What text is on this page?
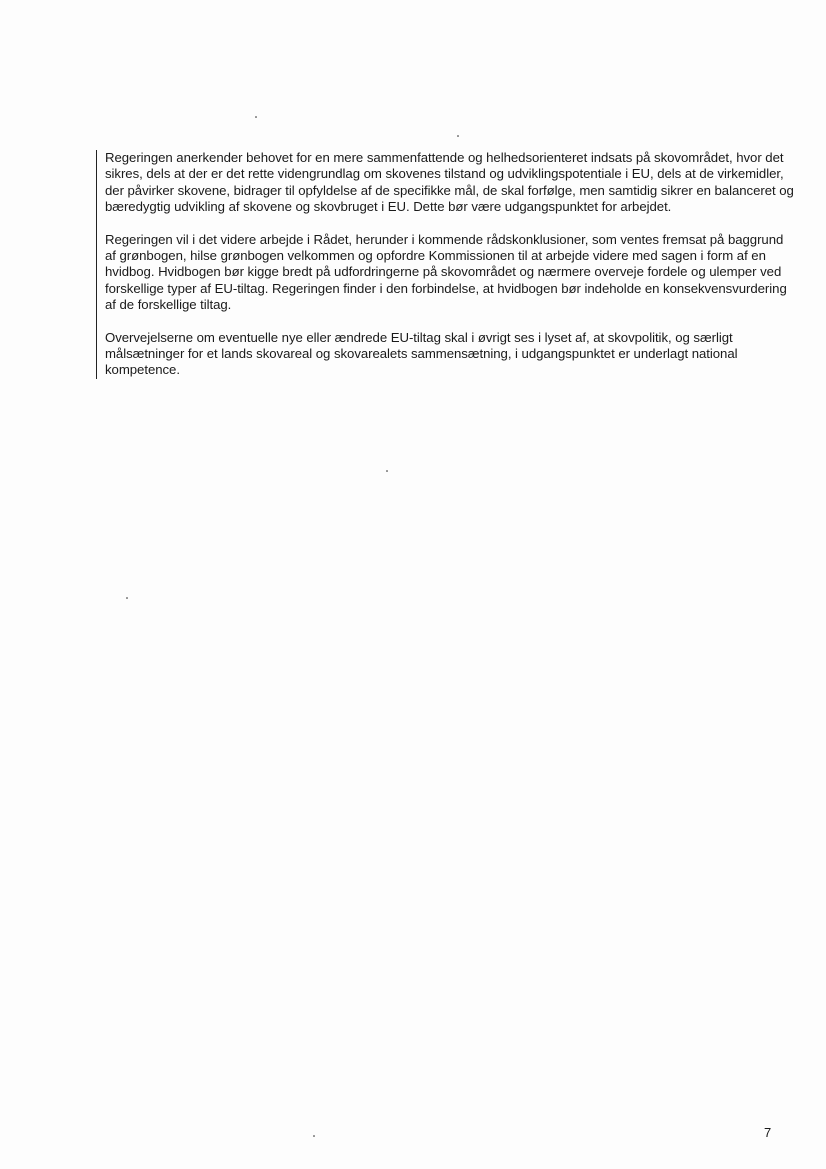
Regeringen anerkender behovet for en mere sammenfattende og helhedsorienteret indsats på skovområdet, hvor det sikres, dels at der er det rette videngrundlag om skovenes tilstand og udviklingspotentiale i EU, dels at de virkemidler, der påvirker skovene, bidrager til opfyldelse af de specifikke mål, de skal forfølge, men samtidig sikrer en balanceret og bæredygtig udvikling af skovene og skovbruget i EU. Dette bør være udgangspunktet for arbejdet.

Regeringen vil i det videre arbejde i Rådet, herunder i kommende rådskonklusioner, som ventes fremsat på baggrund af grønbogen, hilse grønbogen velkommen og opfordre Kommissionen til at arbejde videre med sagen i form af en hvidbog. Hvidbogen bør kigge bredt på udfordringerne på skovområdet og nærmere overveje fordele og ulemper ved forskellige typer af EU-tiltag. Regeringen finder i den forbindelse, at hvidbogen bør indeholde en konsekvensvurdering af de forskellige tiltag.

Overvejelserne om eventuelle nye eller ændrede EU-tiltag skal i øvrigt ses i lyset af, at skovpolitik, og særligt målsætninger for et lands skovareal og skovarealets sammensætning, i udgangspunktet er underlagt national kompetence.

7
